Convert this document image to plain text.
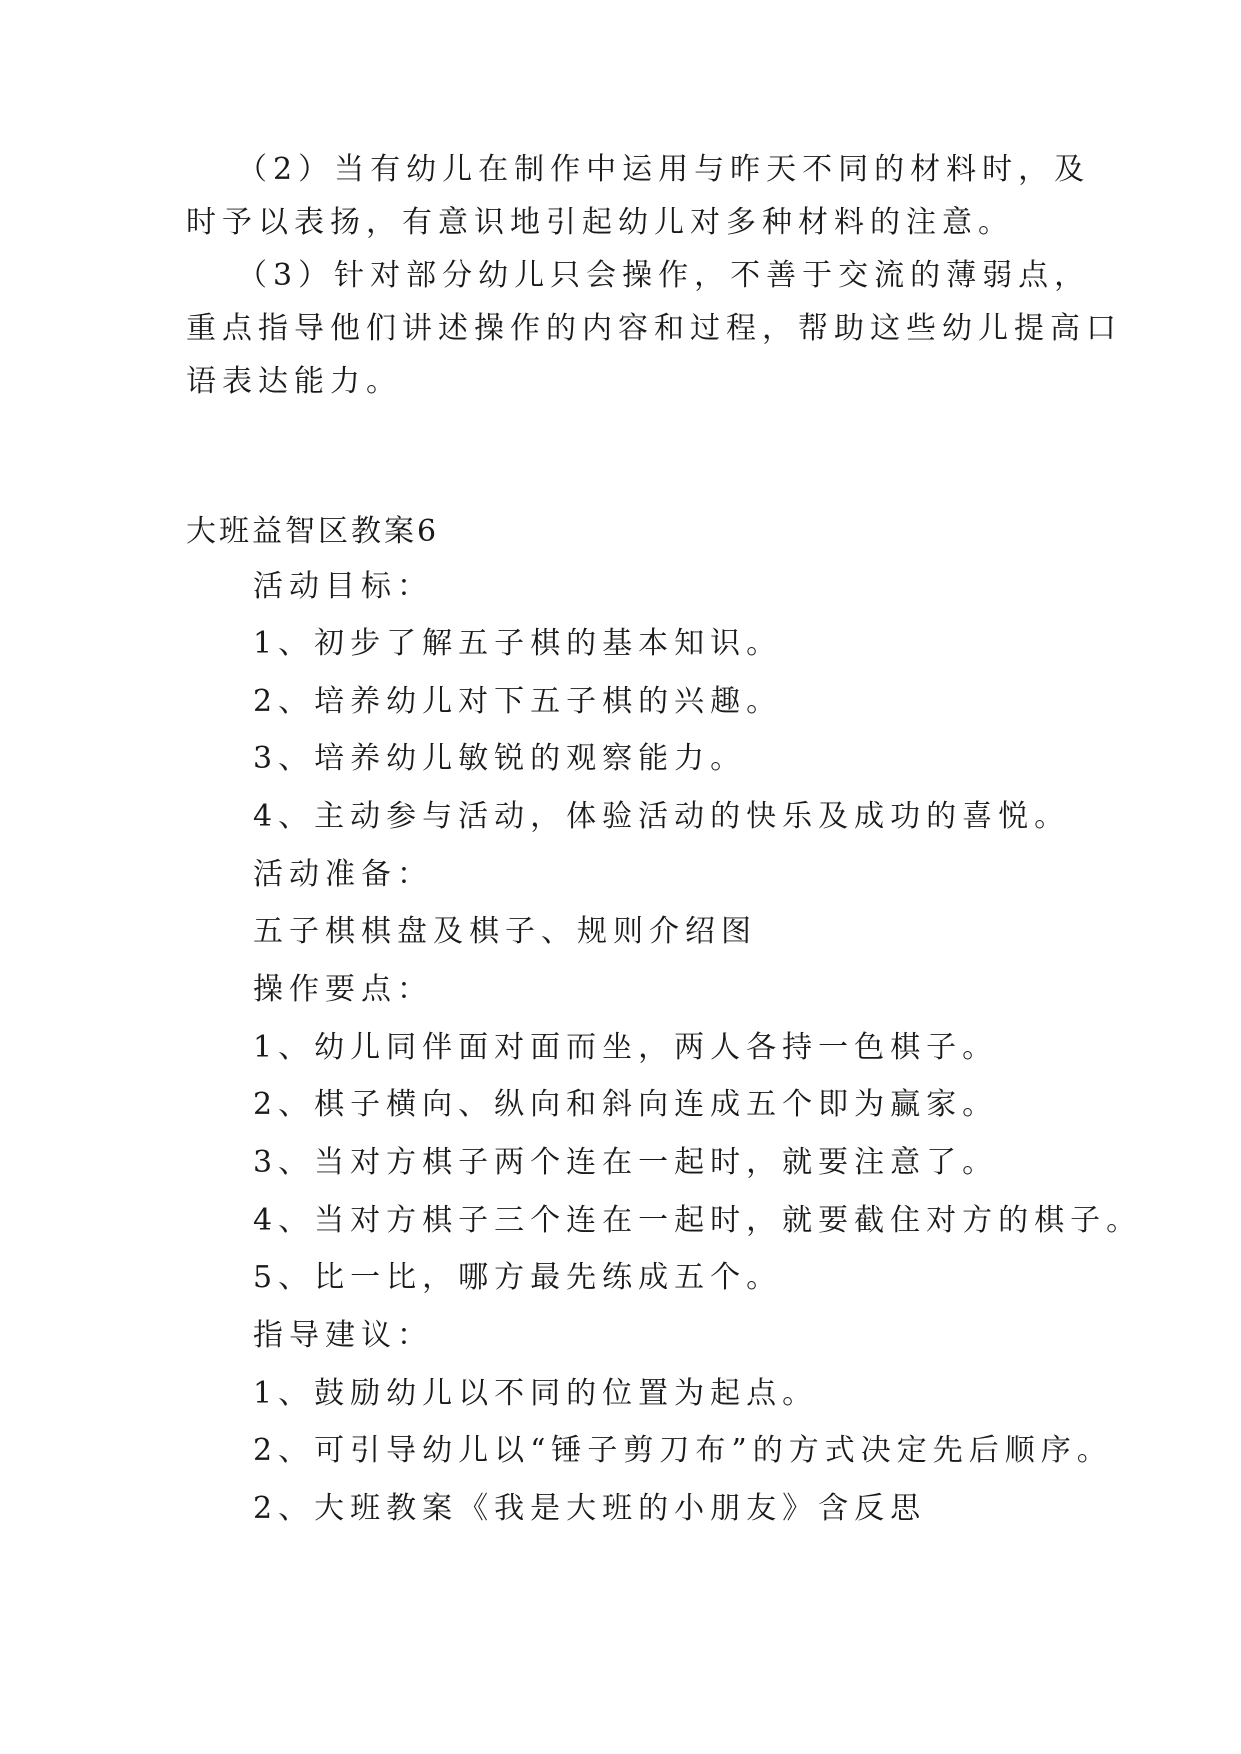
（2）当有幼儿在制作中运用与昨天不同的材料时，及
时予以表扬，有意识地引起幼儿对多种材料的注意。
（3）针对部分幼儿只会操作，不善于交流的薄弱点，
重点指导他们讲述操作的内容和过程，帮助这些幼儿提高口
语表达能力。
大班益智区教案6
活动目标：
1、初步了解五子棋的基本知识。
2、培养幼儿对下五子棋的兴趣。
3、培养幼儿敏锐的观察能力。
4、主动参与活动，体验活动的快乐及成功的喜悦。
活动准备：
五子棋棋盘及棋子、规则介绍图
操作要点：
1、幼儿同伴面对面而坐，两人各持一色棋子。
2、棋子横向、纵向和斜向连成五个即为赢家。
3、当对方棋子两个连在一起时，就要注意了。
4、当对方棋子三个连在一起时，就要截住对方的棋子。
5、比一比，哪方最先练成五个。
指导建议：
1、鼓励幼儿以不同的位置为起点。
2、可引导幼儿以“锤子剪刀布”的方式决定先后顺序。
2、大班教案《我是大班的小朋友》含反思
